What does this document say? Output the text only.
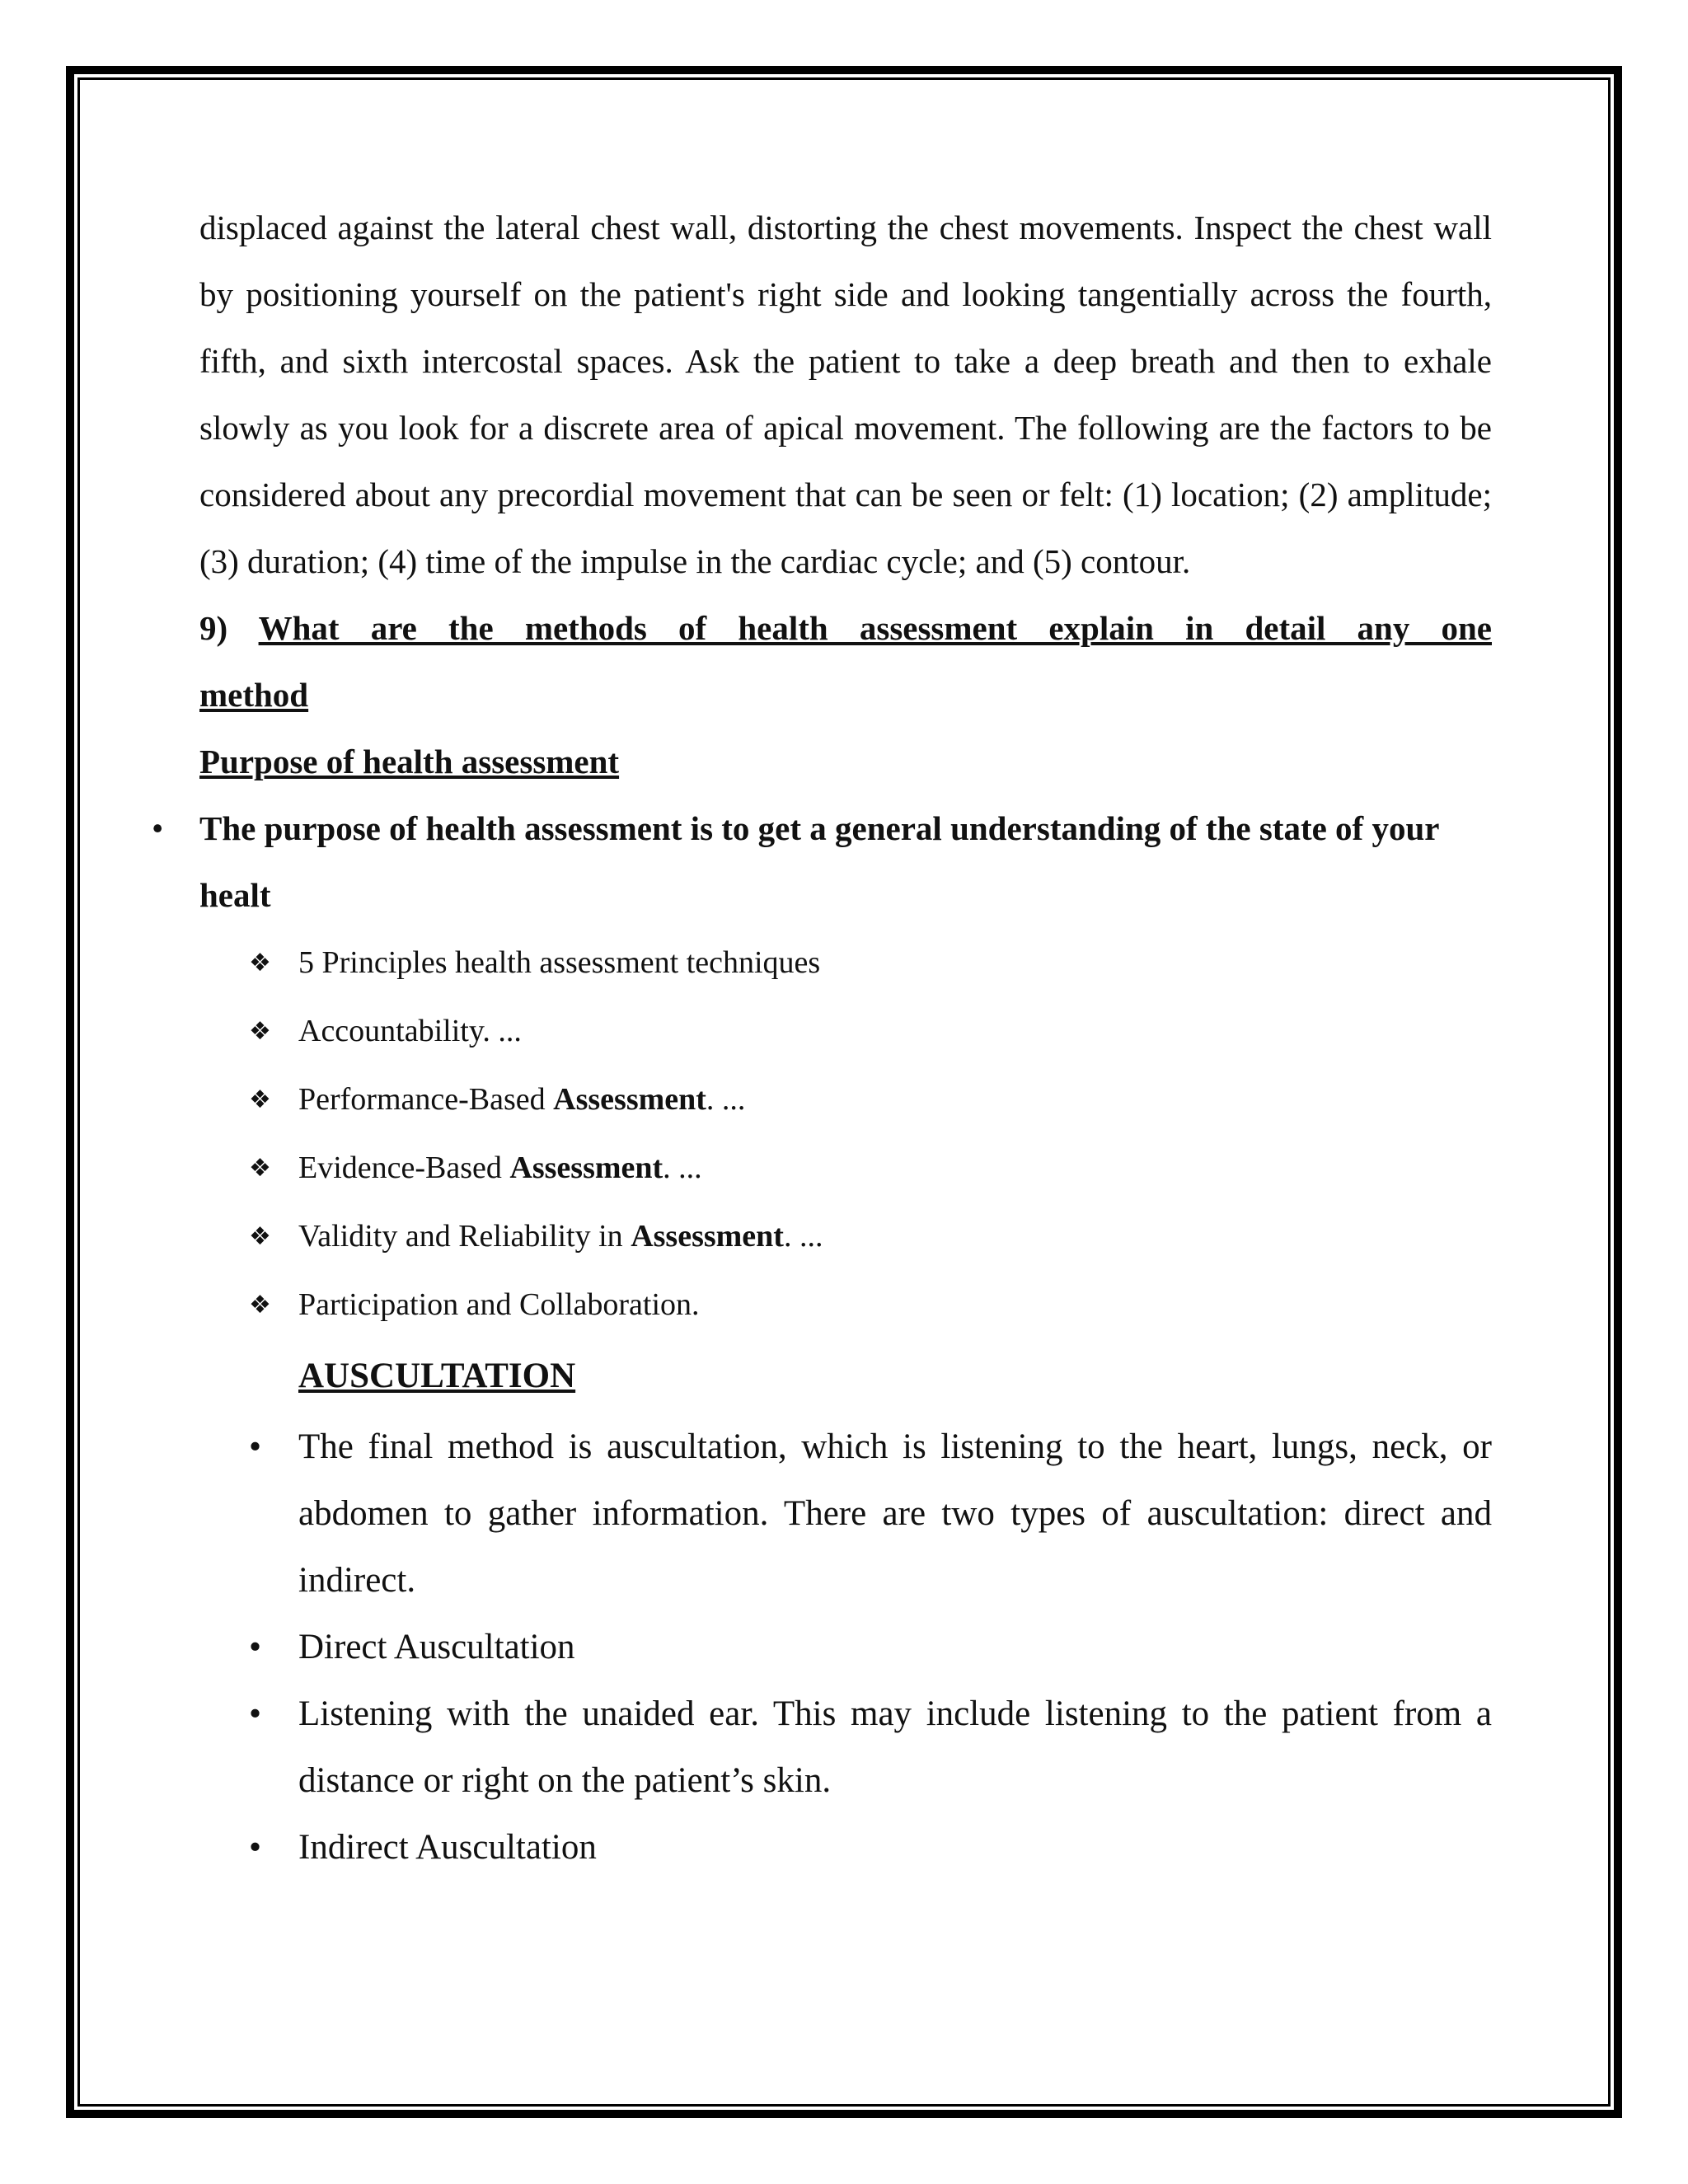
displaced against the lateral chest wall, distorting the chest movements. Inspect the chest wall by positioning yourself on the patient's right side and looking tangentially across the fourth, fifth, and sixth intercostal spaces. Ask the patient to take a deep breath and then to exhale slowly as you look for a discrete area of apical movement. The following are the factors to be considered about any precordial movement that can be seen or felt: (1) location; (2) amplitude; (3) duration; (4) time of the impulse in the cardiac cycle; and (5) contour.

9) What are the methods of health assessment explain in detail any one

method

Purpose of health assessment

• The purpose of health assessment is to get a general understanding of the state of your healt

❖ 5 Principles health assessment techniques
❖ Accountability. ...
❖ Performance-Based Assessment. ...
❖ Evidence-Based Assessment. ...
❖ Validity and Reliability in Assessment. ...
❖ Participation and Collaboration.

AUSCULTATION

• The final method is auscultation, which is listening to the heart, lungs, neck, or abdomen to gather information. There are two types of auscultation: direct and indirect.
• Direct Auscultation
• Listening with the unaided ear. This may include listening to the patient from a distance or right on the patient’s skin.
• Indirect Auscultation
